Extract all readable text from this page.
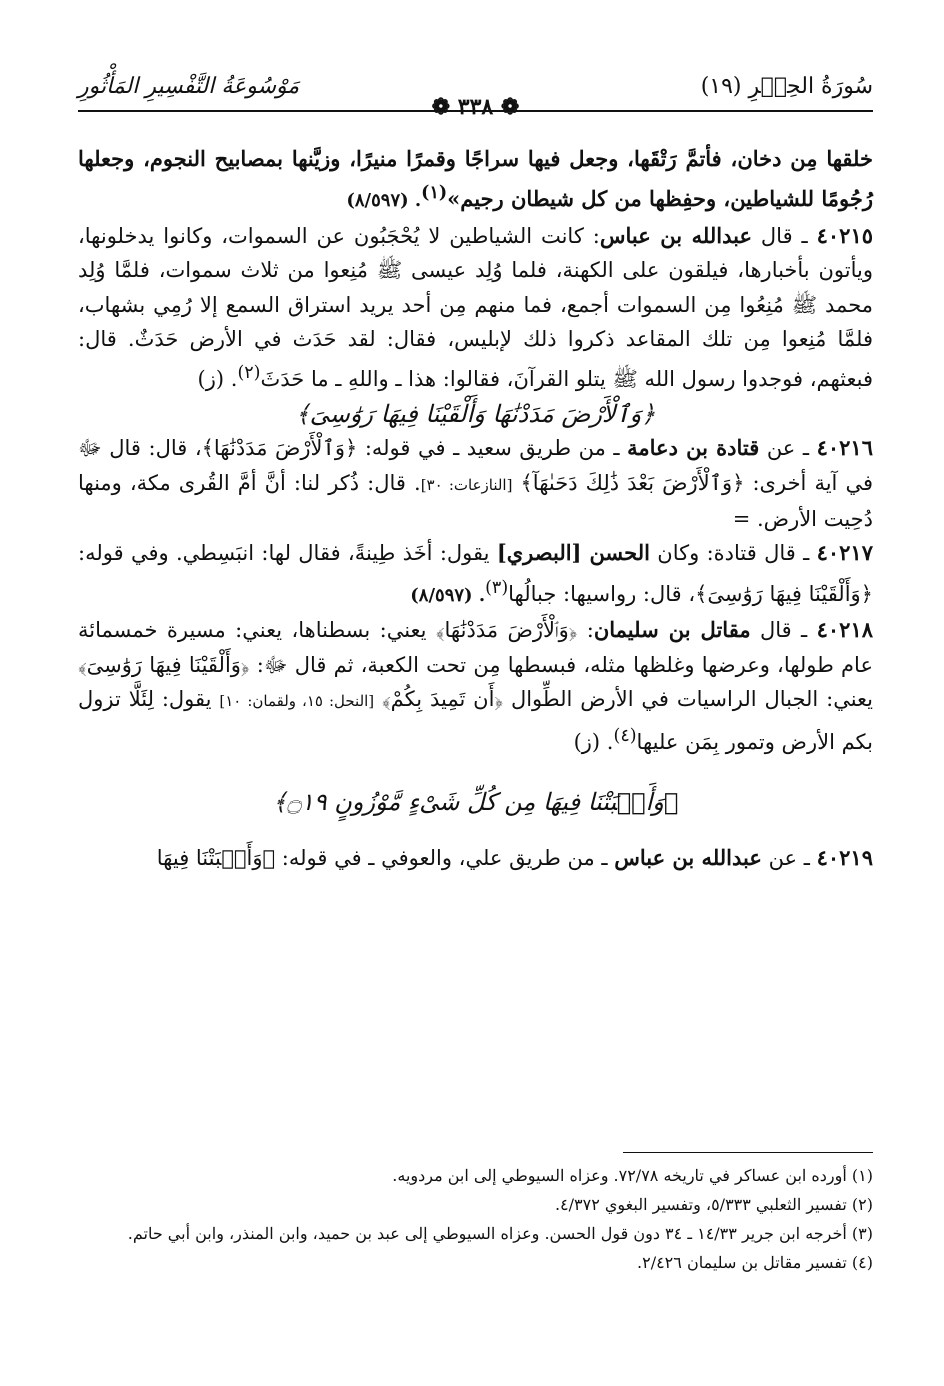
سُورَةُ الحِجۡرِ (١٩)
❁ ٣٣٨ ❁
مَوْسُوعَةُ التَّفْسِيرِ المَأْثُورِ

خلقها مِن دخان، فأتمَّ رَتْقَها، وجعل فيها سراجًا وقمرًا منيرًا، وزيَّنها بمصابيح النجوم، وجعلها رُجُومًا للشياطين، وحفِظها من كل شيطان رجيم»$^{(١)}$. (٨/٥٩٧)

٤٠٢١٥ ـ قال عبدالله بن عباس: كانت الشياطين لا يُحْجَبُون عن السموات، وكانوا يدخلونها، ويأتون بأخبارها، فيلقون على الكهنة، فلما وُلِد عيسى ﷺ مُنِعوا من ثلاث سموات، فلمَّا وُلِد محمد ﷺ مُنِعُوا مِن السموات أجمع، فما منهم مِن أحد يريد استراق السمع إلا رُمِي بشهاب، فلمَّا مُنِعوا مِن تلك المقاعد ذكروا ذلك لإبليس، فقال: لقد حَدَث في الأرض حَدَثٌ. قال: فبعثهم، فوجدوا رسول الله ﷺ يتلو القرآنَ، فقالوا: هذا ـ واللهِ ـ ما حَدَثَ$^{(٢)}$. (ز)

﴿وَٱلْأَرْضَ مَدَدْنَٰهَا وَأَلْقَيْنَا فِيهَا رَوَٰسِىَ﴾

٤٠٢١٦ ـ عن قتادة بن دعامة ـ من طريق سعيد ـ في قوله: ﴿وَٱلْأَرْضَ مَدَدْنَٰهَا﴾، قال: قال ﷻ في آية أخرى: ﴿وَٱلْأَرْضَ بَعْدَ ذَٰلِكَ دَحَىٰهَآ﴾ [النازعات: ٣٠]. قال: ذُكر لنا: أنَّ أمَّ القُرى مكة، ومنها دُحِيت الأرض. =

٤٠٢١٧ ـ قال قتادة: وكان الحسن [البصري] يقول: أخَذ طِينةً، فقال لها: انبَسِطي. وفي قوله: ﴿وَأَلْقَيْنَا فِيهَا رَوَٰسِىَ﴾، قال: رواسيها: جبالُها$^{(٣)}$. (٨/٥٩٧)

٤٠٢١٨ ـ قال مقاتل بن سليمان: ﴿وَٱلْأَرْضَ مَدَدْنَٰهَا﴾ يعني: بسطناها، يعني: مسيرة خمسمائة عام طولها، وعرضها وغلظها مثله، فبسطها مِن تحت الكعبة، ثم قال ﷻ: ﴿وَأَلْقَيْنَا فِيهَا رَوَٰسِىَ﴾ يعني: الجبال الراسيات في الأرض الطِّوال ﴿أَن تَمِيدَ بِكُمْ﴾ [النحل: ١٥، ولقمان: ١٠] يقول: لِئَلَّا تزول بكم الأرض وتمور بِمَن عليها$^{(٤)}$. (ز)

﴿وَأَنۢبَتْنَا فِيهَا مِن كُلِّ شَىْءٍ مَّوْزُونٍ ۝١٩﴾

٤٠٢١٩ ـ عن عبدالله بن عباس ـ من طريق علي، والعوفي ـ في قوله: ﴿وَأَنۢبَتْنَا فِيهَا

(١) أورده ابن عساكر في تاريخه ٧٢/٧٨. وعزاه السيوطي إلى ابن مردويه.

(٢) تفسير الثعلبي ٥/٣٣٣، وتفسير البغوي ٤/٣٧٢.

(٣) أخرجه ابن جرير ١٤/٣٣ ـ ٣٤ دون قول الحسن. وعزاه السيوطي إلى عبد بن حميد، وابن المنذر، وابن أبي حاتم.

(٤) تفسير مقاتل بن سليمان ٢/٤٢٦.
